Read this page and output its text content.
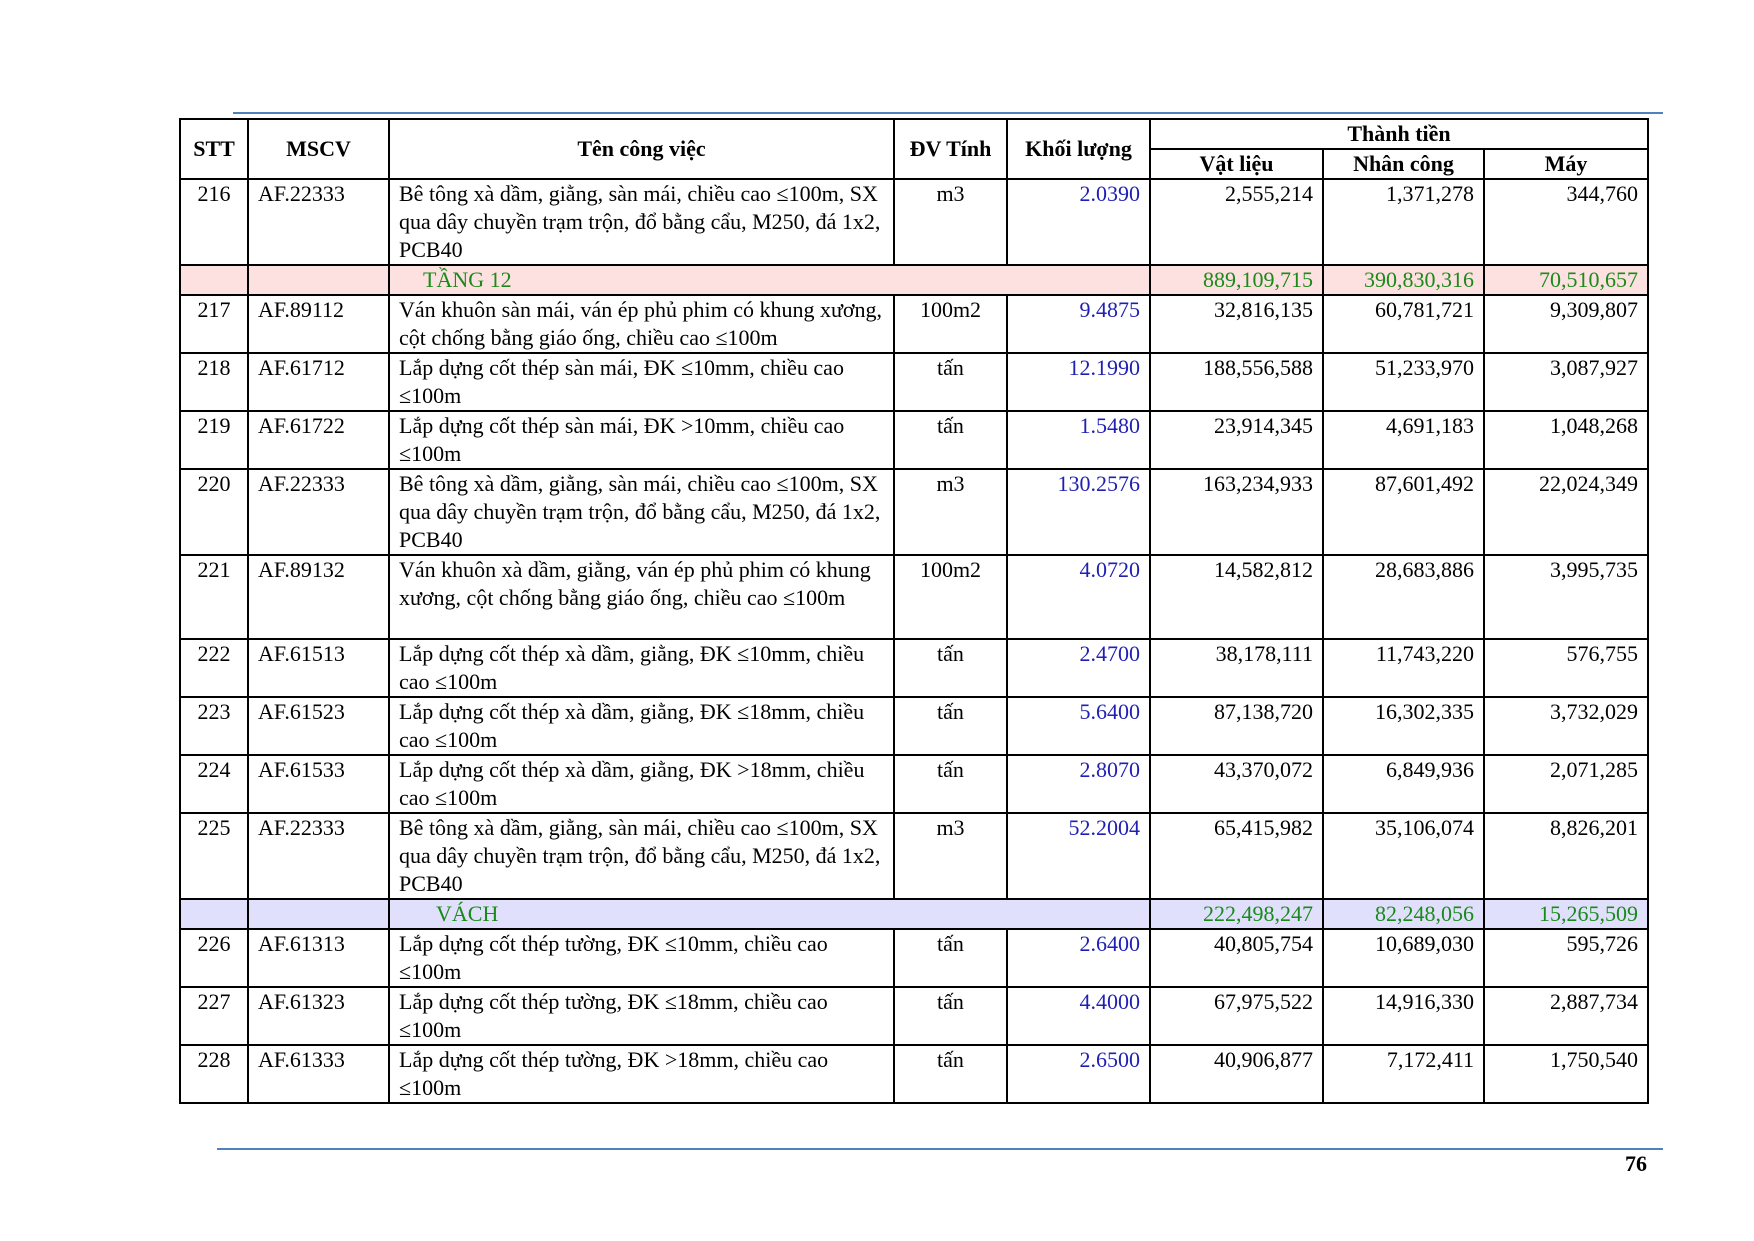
STT	MSCV	Tên công việc	ĐV Tính	Khối lượng	Thành tiền		
					Vật liệu	Nhân công	Máy
216	AF.22333	Bê tông xà dầm, giằng, sàn mái, chiều cao ≤100m, SX qua dây chuyền trạm trộn, đổ bằng cẩu, M250, đá 1x2, PCB40	m3	2.0390	2,555,214	1,371,278	344,760
		TẦNG 12			889,109,715	390,830,316	70,510,657
217	AF.89112	Ván khuôn sàn mái, ván ép phủ phim có khung xương, cột chống bằng giáo ống, chiều cao ≤100m	100m2	9.4875	32,816,135	60,781,721	9,309,807
218	AF.61712	Lắp dựng cốt thép sàn mái, ĐK ≤10mm, chiều cao ≤100m	tấn	12.1990	188,556,588	51,233,970	3,087,927
219	AF.61722	Lắp dựng cốt thép sàn mái, ĐK >10mm, chiều cao ≤100m	tấn	1.5480	23,914,345	4,691,183	1,048,268
220	AF.22333	Bê tông xà dầm, giằng, sàn mái, chiều cao ≤100m, SX qua dây chuyền trạm trộn, đổ bằng cẩu, M250, đá 1x2, PCB40	m3	130.2576	163,234,933	87,601,492	22,024,349
221	AF.89132	Ván khuôn xà dầm, giằng, ván ép phủ phim có khung xương, cột chống bằng giáo ống, chiều cao ≤100m	100m2	4.0720	14,582,812	28,683,886	3,995,735
222	AF.61513	Lắp dựng cốt thép xà dầm, giằng, ĐK ≤10mm, chiều cao ≤100m	tấn	2.4700	38,178,111	11,743,220	576,755
223	AF.61523	Lắp dựng cốt thép xà dầm, giằng, ĐK ≤18mm, chiều cao ≤100m	tấn	5.6400	87,138,720	16,302,335	3,732,029
224	AF.61533	Lắp dựng cốt thép xà dầm, giằng, ĐK >18mm, chiều cao ≤100m	tấn	2.8070	43,370,072	6,849,936	2,071,285
225	AF.22333	Bê tông xà dầm, giằng, sàn mái, chiều cao ≤100m, SX qua dây chuyền trạm trộn, đổ bằng cẩu, M250, đá 1x2, PCB40	m3	52.2004	65,415,982	35,106,074	8,826,201
		VÁCH			222,498,247	82,248,056	15,265,509
226	AF.61313	Lắp dựng cốt thép tường, ĐK ≤10mm, chiều cao ≤100m	tấn	2.6400	40,805,754	10,689,030	595,726
227	AF.61323	Lắp dựng cốt thép tường, ĐK ≤18mm, chiều cao ≤100m	tấn	4.4000	67,975,522	14,916,330	2,887,734
228	AF.61333	Lắp dựng cốt thép tường, ĐK >18mm, chiều cao ≤100m	tấn	2.6500	40,906,877	7,172,411	1,750,540
76
